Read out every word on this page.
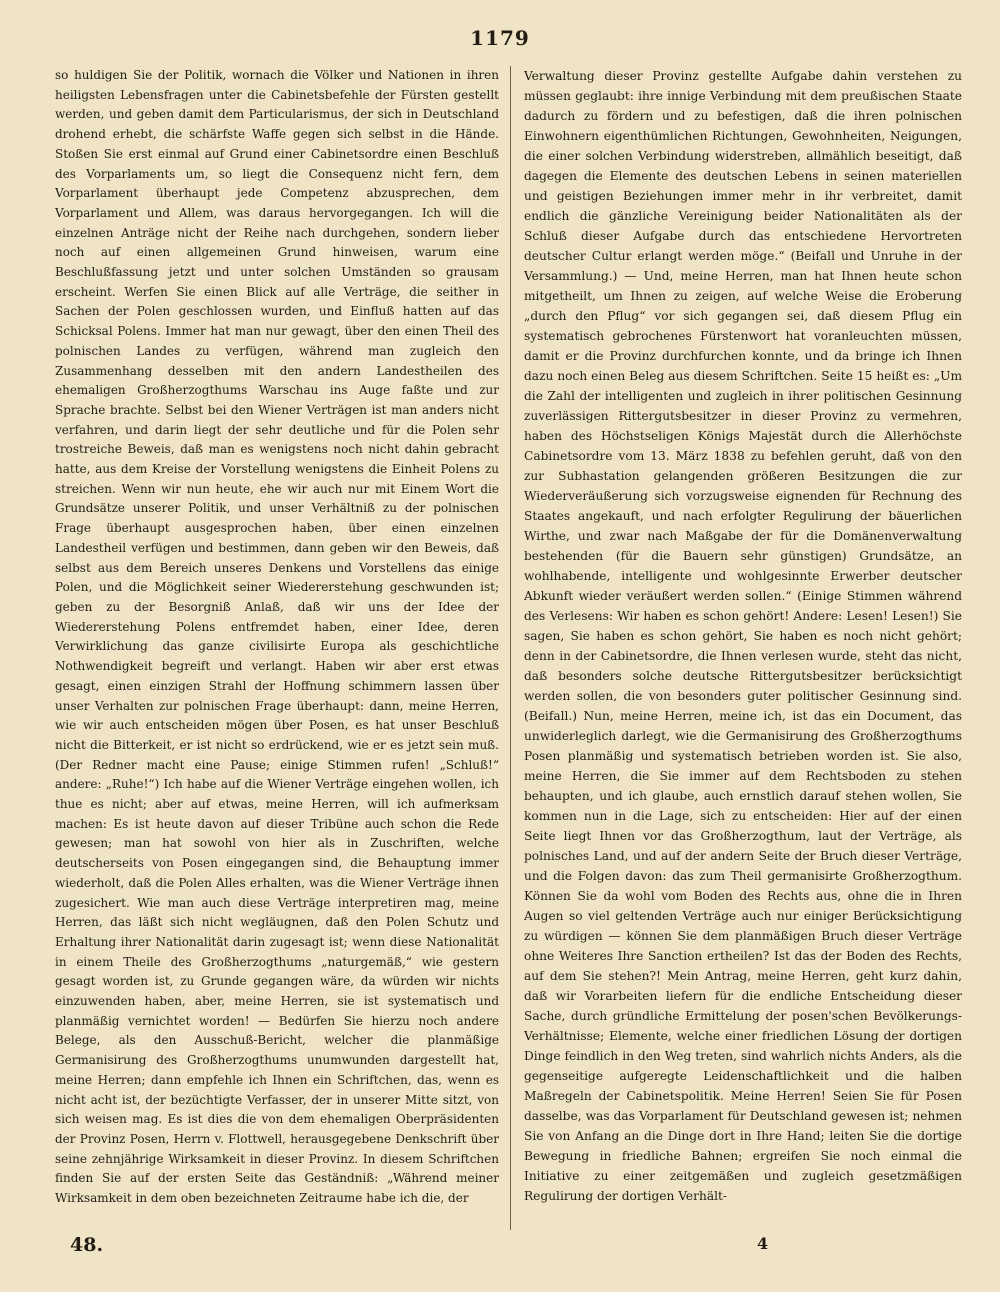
1179

so huldigen Sie der Politik, wornach die Völker und Nationen in ihren heiligsten Lebensfragen unter die Cabinetsbefehle der Fürsten gestellt werden, und geben damit dem Particularismus, der sich in Deutschland drohend erhebt, die schärfste Waffe gegen sich selbst in die Hände. Stoßen Sie erst einmal auf Grund einer Cabinetsordre einen Beschluß des Vorparlaments um, so liegt die Consequenz nicht fern, dem Vorparlament überhaupt jede Competenz abzusprechen, dem Vorparlament und Allem, was daraus hervorgegangen. Ich will die einzelnen Anträge nicht der Reihe nach durchgehen, sondern lieber noch auf einen allgemeinen Grund hinweisen, warum eine Beschlußfassung jetzt und unter solchen Umständen so grausam erscheint. Werfen Sie einen Blick auf alle Verträge, die seither in Sachen der Polen geschlossen wurden, und Einfluß hatten auf das Schicksal Polens. Immer hat man nur gewagt, über den einen Theil des polnischen Landes zu verfügen, während man zugleich den Zusammenhang desselben mit den andern Landestheilen des ehemaligen Großherzogthums Warschau ins Auge faßte und zur Sprache brachte. Selbst bei den Wiener Verträgen ist man anders nicht verfahren, und darin liegt der sehr deutliche und für die Polen sehr trostreiche Beweis, daß man es wenigstens noch nicht dahin gebracht hatte, aus dem Kreise der Vorstellung wenigstens die Einheit Polens zu streichen. Wenn wir nun heute, ehe wir auch nur mit Einem Wort die Grundsätze unserer Politik, und unser Verhältniß zu der polnischen Frage überhaupt ausgesprochen haben, über einen einzelnen Landestheil verfügen und bestimmen, dann geben wir den Beweis, daß selbst aus dem Bereich unseres Denkens und Vorstellens das einige Polen, und die Möglichkeit seiner Wiedererstehung geschwunden ist; geben zu der Besorgniß Anlaß, daß wir uns der Idee der Wiedererstehung Polens entfremdet haben, einer Idee, deren Verwirklichung das ganze civilisirte Europa als geschichtliche Nothwendigkeit begreift und verlangt. Haben wir aber erst etwas gesagt, einen einzigen Strahl der Hoffnung schimmern lassen über unser Verhalten zur polnischen Frage überhaupt: dann, meine Herren, wie wir auch entscheiden mögen über Posen, es hat unser Beschluß nicht die Bitterkeit, er ist nicht so erdrückend, wie er es jetzt sein muß. (Der Redner macht eine Pause; einige Stimmen rufen! „Schluß!“ andere: „Ruhe!“) Ich habe auf die Wiener Verträge eingehen wollen, ich thue es nicht; aber auf etwas, meine Herren, will ich aufmerksam machen: Es ist heute davon auf dieser Tribüne auch schon die Rede gewesen; man hat sowohl von hier als in Zuschriften, welche deutscherseits von Posen eingegangen sind, die Behauptung immer wiederholt, daß die Polen Alles erhalten, was die Wiener Verträge ihnen zugesichert. Wie man auch diese Verträge interpretiren mag, meine Herren, das läßt sich nicht wegläugnen, daß den Polen Schutz und Erhaltung ihrer Nationalität darin zugesagt ist; wenn diese Nationalität in einem Theile des Großherzogthums „naturgemäß,“ wie gestern gesagt worden ist, zu Grunde gegangen wäre, da würden wir nichts einzuwenden haben, aber, meine Herren, sie ist systematisch und planmäßig vernichtet worden! — Bedürfen Sie hierzu noch andere Belege, als den Ausschuß-Bericht, welcher die planmäßige Germanisirung des Großherzogthums unumwunden dargestellt hat, meine Herren; dann empfehle ich Ihnen ein Schriftchen, das, wenn es nicht acht ist, der bezüchtigte Verfasser, der in unserer Mitte sitzt, von sich weisen mag. Es ist dies die von dem ehemaligen Oberpräsidenten der Provinz Posen, Herrn v. Flottwell, herausgegebene Denkschrift über seine zehnjährige Wirksamkeit in dieser Provinz. In diesem Schriftchen finden Sie auf der ersten Seite das Geständniß: „Während meiner Wirksamkeit in dem oben bezeichneten Zeitraume habe ich die, der

Verwaltung dieser Provinz gestellte Aufgabe dahin verstehen zu müssen geglaubt: ihre innige Verbindung mit dem preußischen Staate dadurch zu fördern und zu befestigen, daß die ihren polnischen Einwohnern eigenthümlichen Richtungen, Gewohnheiten, Neigungen, die einer solchen Verbindung widerstreben, allmählich beseitigt, daß dagegen die Elemente des deutschen Lebens in seinen materiellen und geistigen Beziehungen immer mehr in ihr verbreitet, damit endlich die gänzliche Vereinigung beider Nationalitäten als der Schluß dieser Aufgabe durch das entschiedene Hervortreten deutscher Cultur erlangt werden möge.“ (Beifall und Unruhe in der Versammlung.) — Und, meine Herren, man hat Ihnen heute schon mitgetheilt, um Ihnen zu zeigen, auf welche Weise die Eroberung „durch den Pflug“ vor sich gegangen sei, daß diesem Pflug ein systematisch gebrochenes Fürstenwort hat voranleuchten müssen, damit er die Provinz durchfurchen konnte, und da bringe ich Ihnen dazu noch einen Beleg aus diesem Schriftchen. Seite 15 heißt es: „Um die Zahl der intelligenten und zugleich in ihrer politischen Gesinnung zuverlässigen Rittergutsbesitzer in dieser Provinz zu vermehren, haben des Höchstseligen Königs Majestät durch die Allerhöchste Cabinetsordre vom 13. März 1838 zu befehlen geruht, daß von den zur Subhastation gelangenden größeren Besitzungen die zur Wiederveräußerung sich vorzugsweise eignenden für Rechnung des Staates angekauft, und nach erfolgter Regulirung der bäuerlichen Wirthe, und zwar nach Maßgabe der für die Domänenverwaltung bestehenden (für die Bauern sehr günstigen) Grundsätze, an wohlhabende, intelligente und wohlgesinnte Erwerber deutscher Abkunft wieder veräußert werden sollen.“ (Einige Stimmen während des Verlesens: Wir haben es schon gehört! Andere: Lesen! Lesen!) Sie sagen, Sie haben es schon gehört, Sie haben es noch nicht gehört; denn in der Cabinetsordre, die Ihnen verlesen wurde, steht das nicht, daß besonders solche deutsche Rittergutsbesitzer berücksichtigt werden sollen, die von besonders guter politischer Gesinnung sind. (Beifall.) Nun, meine Herren, meine ich, ist das ein Document, das unwiderleglich darlegt, wie die Germanisirung des Großherzogthums Posen planmäßig und systematisch betrieben worden ist. Sie also, meine Herren, die Sie immer auf dem Rechtsboden zu stehen behaupten, und ich glaube, auch ernstlich darauf stehen wollen, Sie kommen nun in die Lage, sich zu entscheiden: Hier auf der einen Seite liegt Ihnen vor das Großherzogthum, laut der Verträge, als polnisches Land, und auf der andern Seite der Bruch dieser Verträge, und die Folgen davon: das zum Theil germanisirte Großherzogthum. Können Sie da wohl vom Boden des Rechts aus, ohne die in Ihren Augen so viel geltenden Verträge auch nur einiger Berücksichtigung zu würdigen — können Sie dem planmäßigen Bruch dieser Verträge ohne Weiteres Ihre Sanction ertheilen? Ist das der Boden des Rechts, auf dem Sie stehen?! Mein Antrag, meine Herren, geht kurz dahin, daß wir Vorarbeiten liefern für die endliche Entscheidung dieser Sache, durch gründliche Ermittelung der posen'schen Bevölkerungs-Verhältnisse; Elemente, welche einer friedlichen Lösung der dortigen Dinge feindlich in den Weg treten, sind wahrlich nichts Anders, als die gegenseitige aufgeregte Leidenschaftlichkeit und die halben Maßregeln der Cabinetspolitik. Meine Herren! Seien Sie für Posen dasselbe, was das Vorparlament für Deutschland gewesen ist; nehmen Sie von Anfang an die Dinge dort in Ihre Hand; leiten Sie die dortige Bewegung in friedliche Bahnen; ergreifen Sie noch einmal die Initiative zu einer zeitgemäßen und zugleich gesetzmäßigen Regulirung der dortigen Verhält-

48.	4
